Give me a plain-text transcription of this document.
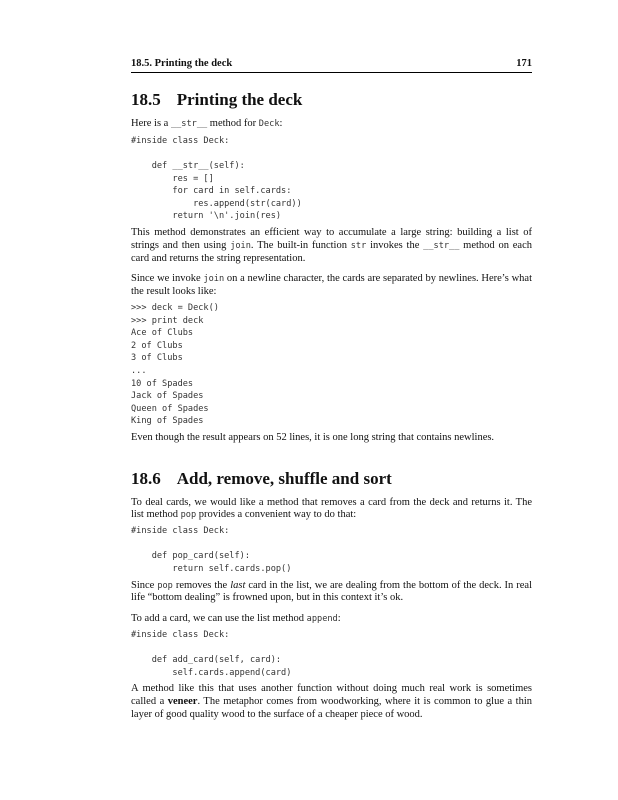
18.5. Printing the deck	171
18.5 Printing the deck

Here is a __str__ method for Deck:

#inside class Deck:

def __str__(self):
res = []
for card in self.cards:
res.append(str(card))
return '\n'.join(res)

This method demonstrates an efficient way to accumulate a large string: building a list of strings and then using join. The built-in function str invokes the __str__ method on each card and returns the string representation.

Since we invoke join on a newline character, the cards are separated by newlines. Here’s what the result looks like:

>>> deck = Deck()
>>> print deck
Ace of Clubs
2 of Clubs
3 of Clubs
...
10 of Spades
Jack of Spades
Queen of Spades
King of Spades

Even though the result appears on 52 lines, it is one long string that contains newlines.

18.6 Add, remove, shuffle and sort

To deal cards, we would like a method that removes a card from the deck and returns it. The list method pop provides a convenient way to do that:

#inside class Deck:

def pop_card(self):
return self.cards.pop()

Since pop removes the last card in the list, we are dealing from the bottom of the deck. In real life “bottom dealing” is frowned upon, but in this context it’s ok.

To add a card, we can use the list method append:

#inside class Deck:

def add_card(self, card):
self.cards.append(card)

A method like this that uses another function without doing much real work is sometimes called a veneer. The metaphor comes from woodworking, where it is common to glue a thin layer of good quality wood to the surface of a cheaper piece of wood.
